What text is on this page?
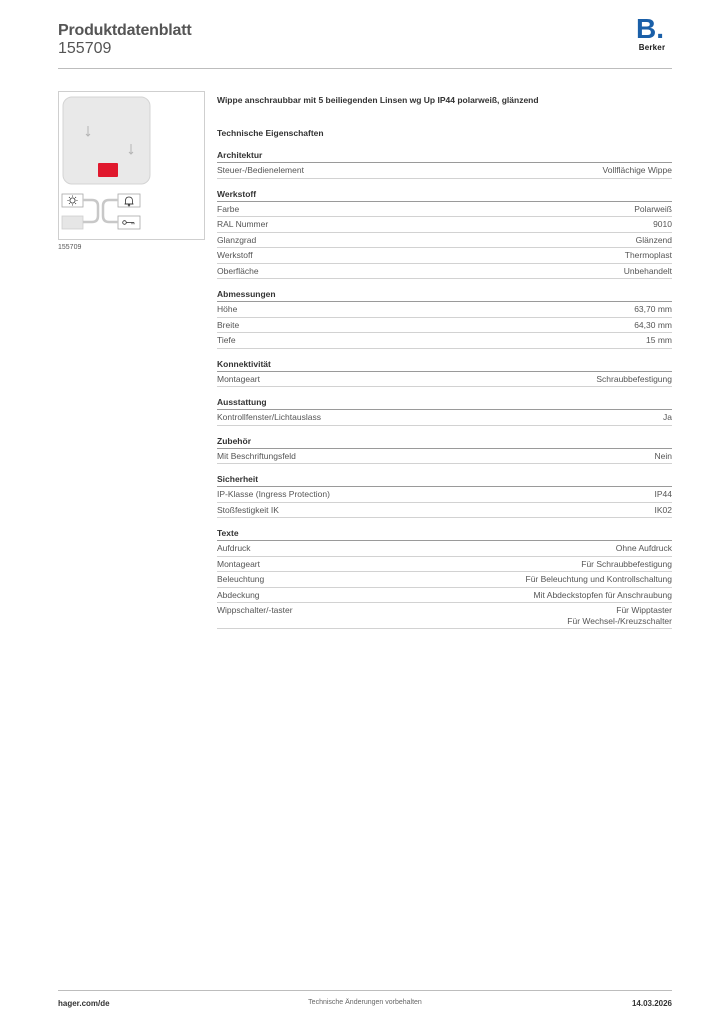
Produktdatenblatt
155709
B.
Berker
155709
Wippe anschraubbar mit 5 beiliegenden Linsen wg Up IP44 polarweiß, glänzend
Technische Eigenschaften
Architektur
Steuer-/Bedienelement	Vollflächige Wippe
Werkstoff
Farbe	Polarweiß
RAL Nummer	9010
Glanzgrad	Glänzend
Werkstoff	Thermoplast
Oberfläche	Unbehandelt
Abmessungen
Höhe	63,70 mm
Breite	64,30 mm
Tiefe	15 mm
Konnektivität
Montageart	Schraubbefestigung
Ausstattung
Kontrollfenster/Lichtauslass	Ja
Zubehör
Mit Beschriftungsfeld	Nein
Sicherheit
IP-Klasse (Ingress Protection)	IP44
Stoßfestigkeit IK	IK02
Texte
Aufdruck	Ohne Aufdruck
Montageart	Für Schraubbefestigung
Beleuchtung	Für Beleuchtung und Kontrollschaltung
Abdeckung	Mit Abdeckstopfen für Anschraubung
Wippschalter/-taster	Für Wipptaster
Für Wechsel-/Kreuzschalter
hager.com/de	Technische Änderungen vorbehalten	14.03.2026
